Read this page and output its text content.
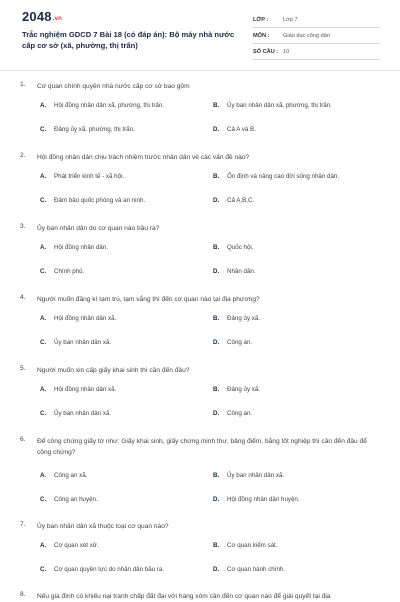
2048.vn
Trắc nghiệm GDCD 7 Bài 18 (có đáp án): Bộ máy nhà nước cấp cơ sở (xã, phường, thị trấn)
LỚP :	Lớp 7
MÔN :	Giáo dục công dân
SỐ CÂU : 10
1. Cơ quan chính quyền nhà nước cấp cơ sở bao gồm
A. Hội đồng nhân dân xã, phường, thị trấn.	B. Ủy ban nhân dân xã, phường, thị trấn.
C. Đảng ủy xã, phường, thị trấn.	D. Cả A và B.
2. Hội đồng nhân dân chịu trách nhiệm trước nhân dân về các vấn đề nào?
A. Phát triển kinh tế - xã hội.	B. Ổn định và nâng cao đời sống nhân dân.
C. Đảm bảo quốc phòng và an ninh.	D. Cả A,B,C.
3. Ủy ban nhân dân do cơ quan nào bầu ra?
A. Hội đồng nhân dân.	B. Quốc hội.
C. Chính phủ.	D. Nhân dân.
4. Người muốn đăng kí tạm trú, tạm vắng thì đến cơ quan nào tại địa phương?
A. Hội đồng nhân dân xã.	B. Đảng ủy xã.
C. Ủy ban nhân dân xã.	D. Công an.
5. Người muốn xin cấp giấy khai sinh thì cần đến đâu?
A. Hội đồng nhân dân xã.	B. Đảng ủy xã.
C. Ủy ban nhân dân xã.	D. Công an.
6. Để công chứng giấy tờ như: Giấy khai sinh, giấy chứng minh thư, bảng điểm, bằng tốt nghiệp thì cần đến đâu để công chứng?
A. Công an xã.	B. Ủy ban nhân dân xã.
C. Công an huyện.	D. Hội đồng nhân dân huyện.
7. Ủy ban nhân dân xã thuộc loại cơ quan nào?
A. Cơ quan xét xử.	B. Cơ quan kiểm sát.
C. Cơ quan quyền lực do nhân dân bầu ra.	D. Cơ quan hành chính.
8. Nếu gia đình có khiếu nại tranh chấp đất đai với hàng xóm cần đến cơ quan nào để giải quyết tại địa
